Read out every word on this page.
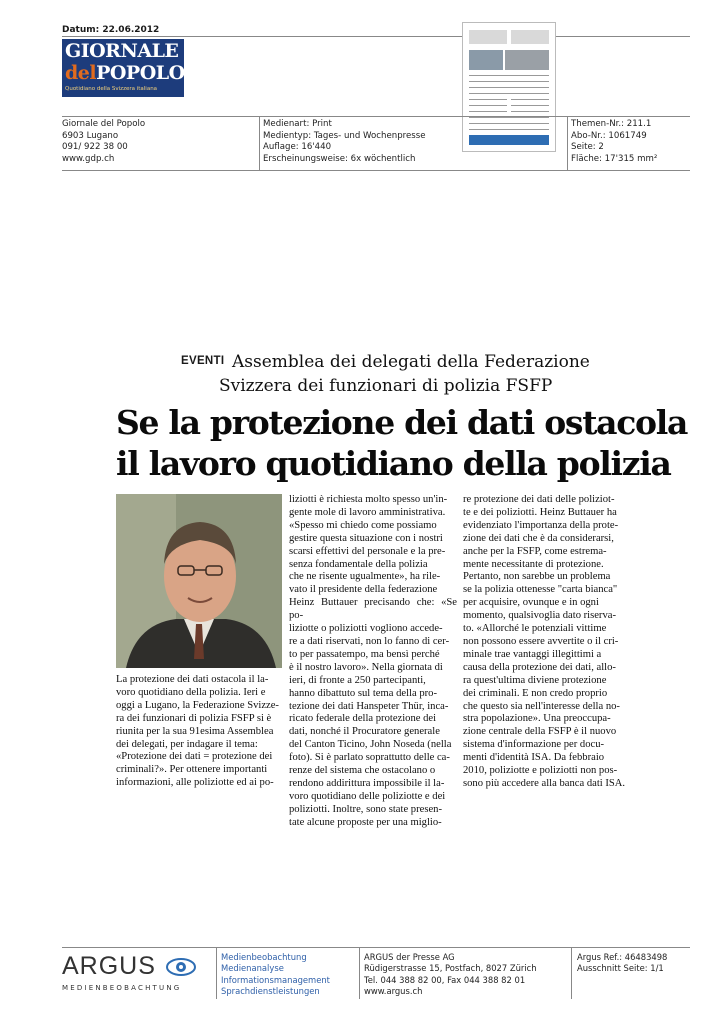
Datum: 22.06.2012
GIORNALE
delPOPOLO
Quotidiano della Svizzera italiana
Giornale del Popolo
6903 Lugano
091/ 922 38 00
www.gdp.ch
Medienart: Print
Medientyp: Tages- und Wochenpresse
Auflage: 16'440
Erscheinungsweise: 6x wöchentlich
Themen-Nr.: 211.1
Abo-Nr.: 1061749
Seite: 2
Fläche: 17'315 mm²
EVENTI Assemblea dei delegati della Federazione
Svizzera dei funzionari di polizia FSFP
Se la protezione dei dati ostacola
il lavoro quotidiano della polizia
La protezione dei dati ostacola il la-
voro quotidiano della polizia. Ieri e
oggi a Lugano, la Federazione Svizze-
ra dei funzionari di polizia FSFP si è
riunita per la sua 91esima Assemblea
dei delegati, per indagare il tema:
«Protezione dei dati = protezione dei
criminali?». Per ottenere importanti
informazioni, alle poliziotte ed ai po-
liziotti è richiesta molto spesso un'in-
gente mole di lavoro amministrativa.
«Spesso mi chiedo come possiamo
gestire questa situazione con i nostri
scarsi effettivi del personale e la pre-
senza fondamentale della polizia
che ne risente ugualmente», ha rile-
vato il presidente della federazione
Heinz Buttauer precisando che: «Se po-
liziotte o poliziotti vogliono accede-
re a dati riservati, non lo fanno di cer-
to per passatempo, ma bensì perché
è il nostro lavoro». Nella giornata di
ieri, di fronte a 250 partecipanti,
hanno dibattuto sul tema della pro-
tezione dei dati Hanspeter Thür, inca-
ricato federale della protezione dei
dati, nonché il Procuratore generale
del Canton Ticino, John Noseda (nella
foto). Si è parlato soprattutto delle ca-
renze del sistema che ostacolano o
rendono addirittura impossibile il la-
voro quotidiano delle poliziotte e dei
poliziotti. Inoltre, sono state presen-
tate alcune proposte per una miglio-
re protezione dei dati delle poliziot-
te e dei poliziotti. Heinz Buttauer ha
evidenziato l'importanza della prote-
zione dei dati che è da considerarsi,
anche per la FSFP, come estrema-
mente necessitante di protezione.
Pertanto, non sarebbe un problema
se la polizia ottenesse "carta bianca"
per acquisire, ovunque e in ogni
momento, qualsivoglia dato riserva-
to. «Allorché le potenziali vittime
non possono essere avvertite o il cri-
minale trae vantaggi illegittimi a
causa della protezione dei dati, allo-
ra quest'ultima diviene protezione
dei criminali. E non credo proprio
che questo sia nell'interesse della no-
stra popolazione». Una preoccupa-
zione centrale della FSFP è il nuovo
sistema d'informazione per docu-
menti d'identità ISA. Da febbraio
2010, poliziotte e poliziotti non pos-
sono più accedere alla banca dati ISA.
ARGUS
MEDIENBEOBACHTUNG
Medienbeobachtung
Medienanalyse
Informationsmanagement
Sprachdienstleistungen
ARGUS der Presse AG
Rüdigerstrasse 15, Postfach, 8027 Zürich
Tel. 044 388 82 00, Fax 044 388 82 01
www.argus.ch
Argus Ref.: 46483498
Ausschnitt Seite: 1/1
